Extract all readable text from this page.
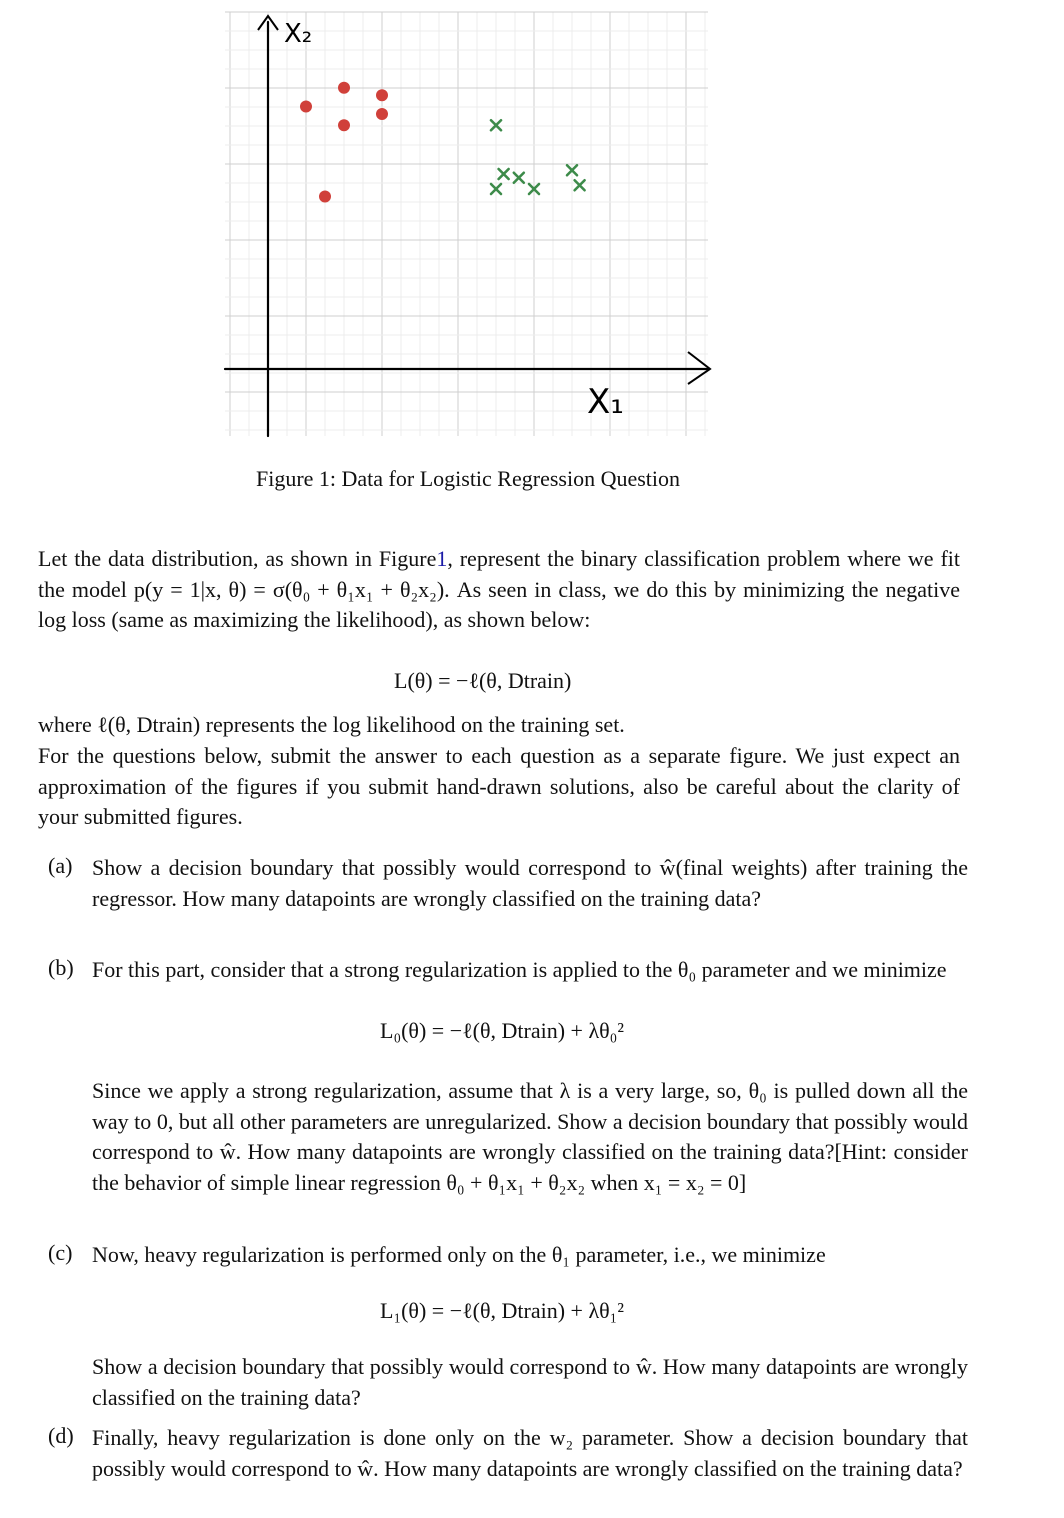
X₂
X₁
Figure 1: Data for Logistic Regression Question
Let the data distribution, as shown in Figure1, represent the binary classification problem where we fit the model p(y = 1|x, θ) = σ(θ₀ + θ₁x₁ + θ₂x₂). As seen in class, we do this by minimizing the negative log loss (same as maximizing the likelihood), as shown below:
L(θ) = −ℓ(θ, Dtrain)
where ℓ(θ, Dtrain) represents the log likelihood on the training set.
For the questions below, submit the answer to each question as a separate figure. We just expect an approximation of the figures if you submit hand-drawn solutions, also be careful about the clarity of your submitted figures.
(a) Show a decision boundary that possibly would correspond to ŵ(final weights) after training the regressor. How many datapoints are wrongly classified on the training data?
(b) For this part, consider that a strong regularization is applied to the θ₀ parameter and we minimize
L₀(θ) = −ℓ(θ, Dtrain) + λθ₀²
Since we apply a strong regularization, assume that λ is a very large, so, θ₀ is pulled down all the way to 0, but all other parameters are unregularized. Show a decision boundary that possibly would correspond to ŵ. How many datapoints are wrongly classified on the training data?[Hint: consider the behavior of simple linear regression θ₀ + θ₁x₁ + θ₂x₂ when x₁ = x₂ = 0]
(c) Now, heavy regularization is performed only on the θ₁ parameter, i.e., we minimize
L₁(θ) = −ℓ(θ, Dtrain) + λθ₁²
Show a decision boundary that possibly would correspond to ŵ. How many datapoints are wrongly classified on the training data?
(d) Finally, heavy regularization is done only on the w₂ parameter. Show a decision boundary that possibly would correspond to ŵ. How many datapoints are wrongly classified on the training data?
